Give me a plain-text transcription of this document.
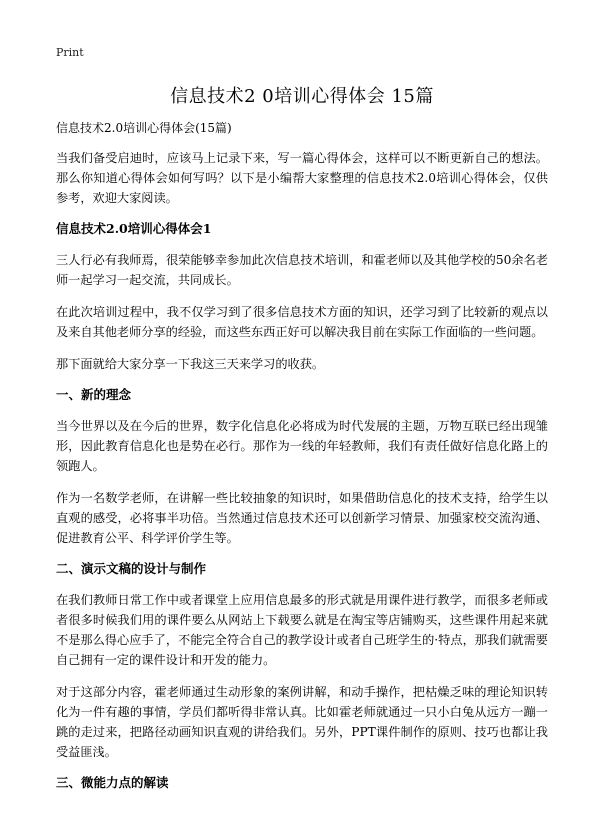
Print
信息技术2 0培训心得体会 15篇
信息技术2.0培训心得体会(15篇)

当我们备受启迪时，应该马上记录下来，写一篇心得体会，这样可以不断更新自己的想法。那么你知道心得体会如何写吗？以下是小编帮大家整理的信息技术2.0培训心得体会，仅供参考，欢迎大家阅读。

信息技术2.0培训心得体会1

三人行必有我师焉，很荣能够幸参加此次信息技术培训，和霍老师以及其他学校的50余名老师一起学习一起交流，共同成长。

在此次培训过程中，我不仅学习到了很多信息技术方面的知识，还学习到了比较新的观点以及来自其他老师分享的经验，而这些东西正好可以解决我目前在实际工作面临的一些问题。

那下面就给大家分享一下我这三天来学习的收获。

一、新的理念

当今世界以及在今后的世界，数字化信息化必将成为时代发展的主题，万物互联已经出现雏形，因此教育信息化也是势在必行。那作为一线的年轻教师，我们有责任做好信息化路上的领跑人。

作为一名数学老师，在讲解一些比较抽象的知识时，如果借助信息化的技术支持，给学生以直观的感受，必将事半功倍。当然通过信息技术还可以创新学习情景、加强家校交流沟通、促进教育公平、科学评价学生等。

二、演示文稿的设计与制作

在我们教师日常工作中或者课堂上应用信息最多的形式就是用课件进行教学，而很多老师或者很多时候我们用的课件要么从网站上下载要么就是在淘宝等店铺购买，这些课件用起来就不是那么得心应手了，不能完全符合自己的教学设计或者自己班学生的·特点，那我们就需要自己拥有一定的课件设计和开发的能力。

对于这部分内容，霍老师通过生动形象的案例讲解，和动手操作，把枯燥乏味的理论知识转化为一件有趣的事情，学员们都听得非常认真。比如霍老师就通过一只小白兔从远方一蹦一跳的走过来，把路径动画知识直观的讲给我们。另外，PPT课件制作的原则、技巧也都让我受益匪浅。

三、微能力点的解读
